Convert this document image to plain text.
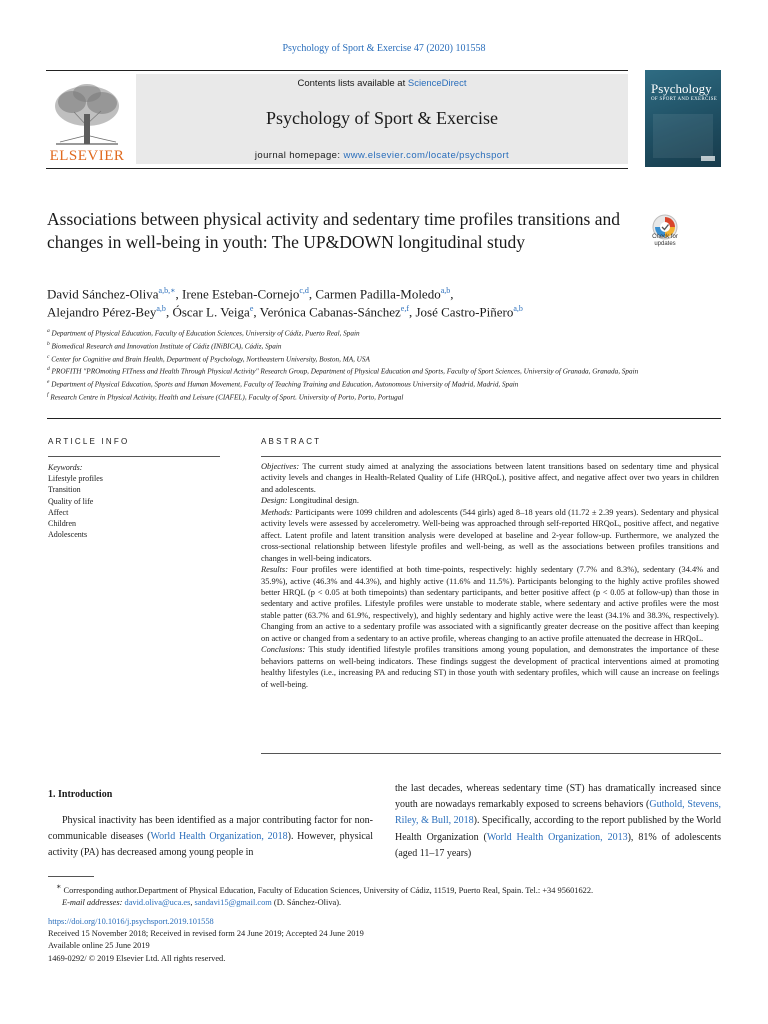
Psychology of Sport & Exercise 47 (2020) 101558
ELSEVIER
Contents lists available at ScienceDirect
Psychology of Sport & Exercise
journal homepage: www.elsevier.com/locate/psychsport
Psychology
OF SPORT AND EXERCISE
Associations between physical activity and sedentary time profiles transitions and changes in well-being in youth: The UP&DOWN longitudinal study	Check for updates
David Sánchez-Oliva$^{a,b,∗}$, Irene Esteban-Cornejo$^{c,d}$, Carmen Padilla-Moledo$^{a,b}$,
Alejandro Pérez-Bey$^{a,b}$, Óscar L. Veiga$^e$, Verónica Cabanas-Sánchez$^{e,f}$, José Castro-Piñero$^{a,b}$
$^a$ Department of Physical Education, Faculty of Education Sciences, University of Cádiz, Puerto Real, Spain
$^b$ Biomedical Research and Innovation Institute of Cádiz (INiBICA), Cádiz, Spain
$^c$ Center for Cognitive and Brain Health, Department of Psychology, Northeastern University, Boston, MA, USA
$^d$ PROFITH "PROmoting FITness and Health Through Physical Activity" Research Group, Department of Physical Education and Sports, Faculty of Sport Sciences, University of Granada, Granada, Spain
$^e$ Department of Physical Education, Sports and Human Movement, Faculty of Teaching Training and Education, Autonomous University of Madrid, Madrid, Spain
$^f$ Research Centre in Physical Activity, Health and Leisure (CIAFEL), Faculty of Sport. University of Porto, Porto, Portugal
ARTICLE INFO
Keywords:
Lifestyle profiles
Transition
Quality of life
Affect
Children
Adolescents
ABSTRACT
Objectives: The current study aimed at analyzing the associations between latent transitions based on sedentary time and physical activity levels and changes in Health-Related Quality of Life (HRQoL), positive affect, and negative affect over two years in children and adolescents.
Design: Longitudinal design.
Methods: Participants were 1099 children and adolescents (544 girls) aged 8–18 years old (11.72 ± 2.39 years). Sedentary and physical activity levels were assessed by accelerometry. Well-being was approached through self-reported HRQoL, positive affect, and negative affect. Latent profile and latent transition analysis were developed at baseline and 2-year follow-up. Furthermore, we analyzed the cross-sectional relationship between lifestyle profiles and well-being, as well as the associations between profiles transitions and changes in well-being indicators.
Results: Four profiles were identified at both time-points, respectively: highly sedentary (7.7% and 8.3%), sedentary (34.4% and 35.9%), active (46.3% and 44.3%), and highly active (11.6% and 11.5%). Participants belonging to the highly active profiles showed better HRQL (p < 0.05 at both timepoints) than sedentary participants, and better positive affect (p < 0.05 at follow-up) than those in sedentary and active profiles. Lifestyle profiles were unstable to moderate stable, where sedentary and active profiles were the most stable patter (63.7% and 61.9%, respectively), and highly sedentary and highly active were the least (34.1% and 38.3%, respectively). Changing from an active to a sedentary profile was associated with a significantly greater decrease on the positive affect than keeping on active or changed from a sedentary to an active profile, whereas changing to an active profile attenuated the decrease in HRQoL.
Conclusions: This study identified lifestyle profiles transitions among young population, and demonstrates the importance of these behaviors patterns on well-being indicators. These findings suggest the development of practical interventions aimed at promoting healthy lifestyles (i.e., increasing PA and reducing ST) in those youth with sedentary profiles, which will cause an increase on feelings of well-being.
1. Introduction
Physical inactivity has been identified as a major contributing factor for non-communicable diseases (World Health Organization, 2018). However, physical activity (PA) has decreased among young people in
the last decades, whereas sedentary time (ST) has dramatically increased since youth are nowadays remarkably exposed to screens behaviors (Guthold, Stevens, Riley, & Bull, 2018). Specifically, according to the report published by the World Health Organization (World Health Organization, 2013), 81% of adolescents (aged 11–17 years)
∗ Corresponding author.Department of Physical Education, Faculty of Education Sciences, University of Cádiz, 11519, Puerto Real, Spain. Tel.: +34 95601622.
E-mail addresses: david.oliva@uca.es, sandavi15@gmail.com (D. Sánchez-Oliva).
https://doi.org/10.1016/j.psychsport.2019.101558
Received 15 November 2018; Received in revised form 24 June 2019; Accepted 24 June 2019
Available online 25 June 2019
1469-0292/ © 2019 Elsevier Ltd. All rights reserved.
